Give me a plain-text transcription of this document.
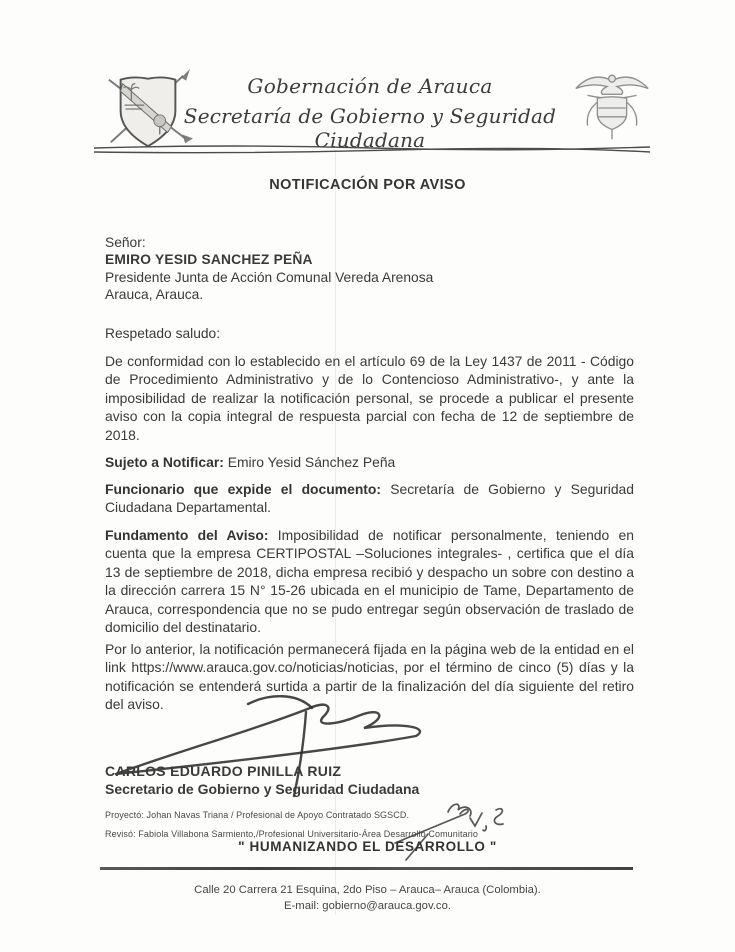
Gobernación de Arauca
Secretaría de Gobierno y Seguridad Ciudadana
NOTIFICACIÓN POR AVISO
Señor:
EMIRO YESID SANCHEZ PEÑA
Presidente Junta de Acción Comunal Vereda Arenosa
Arauca, Arauca.
Respetado saludo:

De conformidad con lo establecido en el artículo 69 de la Ley 1437 de 2011 - Código de Procedimiento Administrativo y de lo Contencioso Administrativo-, y ante la imposibilidad de realizar la notificación personal, se procede a publicar el presente aviso con la copia integral de respuesta parcial con fecha de 12 de septiembre de 2018.

Sujeto a Notificar: Emiro Yesid Sánchez Peña

Funcionario que expide el documento: Secretaría de Gobierno y Seguridad Ciudadana Departamental.

Fundamento del Aviso: Imposibilidad de notificar personalmente, teniendo en cuenta que la empresa CERTIPOSTAL –Soluciones integrales- , certifica que el día 13 de septiembre de 2018, dicha empresa recibió y despacho un sobre con destino a la dirección carrera 15 N° 15-26 ubicada en el municipio de Tame, Departamento de Arauca, correspondencia que no se pudo entregar según observación de traslado de domicilio del destinatario.

Por lo anterior, la notificación permanecerá fijada en la página web de la entidad en el link https://www.arauca.gov.co/noticias/noticias, por el término de cinco (5) días y la notificación se entenderá surtida a partir de la finalización del día siguiente del retiro del aviso.

CARLOS EDUARDO PINILLA RUIZ
Secretario de Gobierno y Seguridad Ciudadana
Proyectó: Johan Navas Triana / Profesional de Apoyo Contratado SGSCD.
Revisó: Fabiola Villabona Sarmiento,/Profesional Universitario-Área Desarrollo Comunitario
" HUMANIZANDO EL DESARROLLO "
Calle 20 Carrera 21 Esquina, 2do Piso – Arauca– Arauca (Colombia).
E-mail: gobierno@arauca.gov.co.
